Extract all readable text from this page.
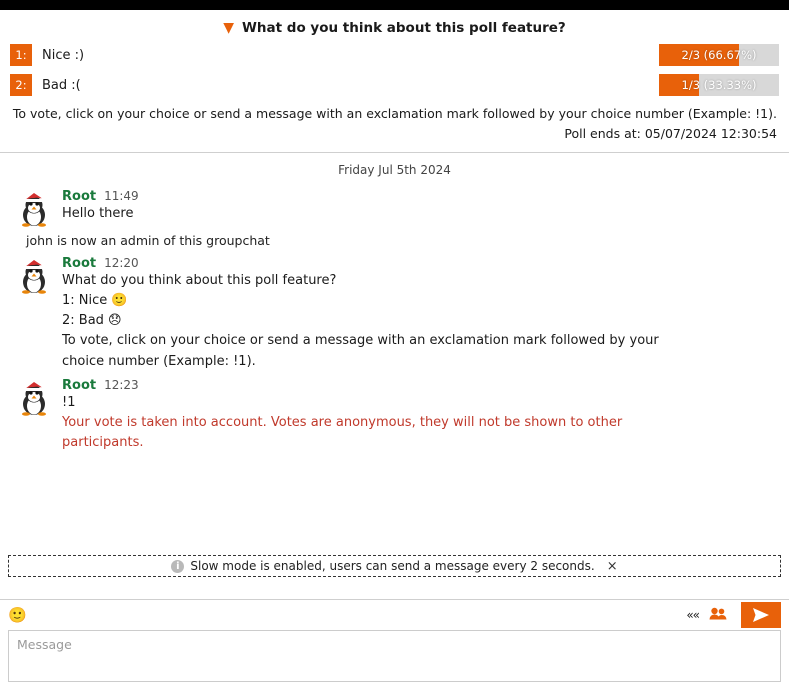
▼ What do you think about this poll feature?
1:	Nice :)	2/3 (66.67%)
2:	Bad :(	1/3 (33.33%)
To vote, click on your choice or send a message with an exclamation mark followed by your choice number (Example: !1).
Poll ends at: 05/07/2024 12:30:54
Friday Jul 5th 2024
Root 11:49
Hello there
john is now an admin of this groupchat
Root 12:20
What do you think about this poll feature?
1: Nice 🙂
2: Bad 😞
To vote, click on your choice or send a message with an exclamation mark followed by your choice number (Example: !1).
Root 12:23
!1
Your vote is taken into account. Votes are anonymous, they will not be shown to other participants.
i Slow mode is enabled, users can send a message every 2 seconds. ×
🙂	««
Message
